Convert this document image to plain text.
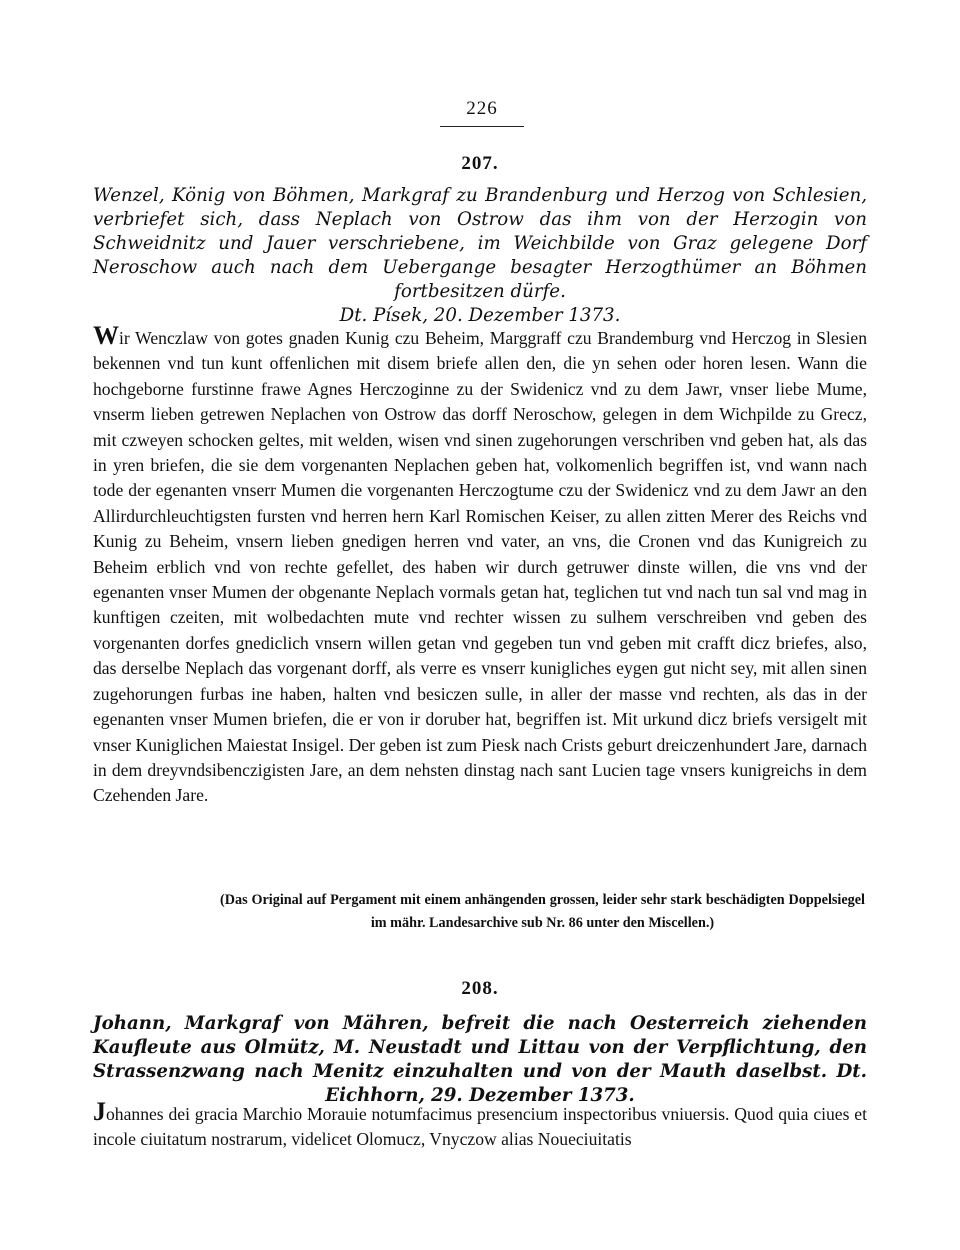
226
207.
Wenzel, König von Böhmen, Markgraf zu Brandenburg und Herzog von Schlesien, verbriefet sich, dass Neplach von Ostrow das ihm von der Herzogin von Schweidnitz und Jauer verschriebene, im Weichbilde von Graz gelegene Dorf Neroschow auch nach dem Uebergange besagter Herzogthümer an Böhmen fortbesitzen dürfe.
Dt. Písek, 20. Dezember 1373.
Wir Wenczlaw von gotes gnaden Kunig czu Beheim, Marggraff czu Brandemburg vnd Herczog in Slesien bekennen vnd tun kunt offenlichen mit disem briefe allen den, die yn sehen oder horen lesen. Wann die hochgeborne furstinne frawe Agnes Herczoginne zu der Swidenicz vnd zu dem Jawr, vnser liebe Mume, vnserm lieben getrewen Neplachen von Ostrow das dorff Neroschow, gelegen in dem Wichpilde zu Grecz, mit czweyen schocken geltes, mit welden, wisen vnd sinen zugehorungen verschriben vnd geben hat, als das in yren briefen, die sie dem vorgenanten Neplachen geben hat, volkomenlich begriffen ist, vnd wann nach tode der egenanten vnserr Mumen die vorgenanten Herczogtume czu der Swidenicz vnd zu dem Jawr an den Allirdurchleuchtigsten fursten vnd herren hern Karl Romischen Keiser, zu allen zitten Merer des Reichs vnd Kunig zu Beheim, vnsern lieben gnedigen herren vnd vater, an vns, die Cronen vnd das Kunigreich zu Beheim erblich vnd von rechte gefellet, des haben wir durch getruwer dinste willen, die vns vnd der egenanten vnser Mumen der obgenante Neplach vormals getan hat, teglichen tut vnd nach tun sal vnd mag in kunftigen czeiten, mit wolbedachten mute vnd rechter wissen zu sulhem verschreiben vnd geben des vorgenanten dorfes gnediclich vnsern willen getan vnd gegeben tun vnd geben mit crafft dicz briefes, also, das derselbe Neplach das vorgenant dorff, als verre es vnserr kunigliches eygen gut nicht sey, mit allen sinen zugehorungen furbas ine haben, halten vnd besiczen sulle, in aller der masse vnd rechten, als das in der egenanten vnser Mumen briefen, die er von ir doruber hat, begriffen ist. Mit urkund dicz briefs versigelt mit vnser Kuniglichen Maiestat Insigel. Der geben ist zum Piesk nach Crists geburt dreiczenhundert Jare, darnach in dem dreyvndsibenczigisten Jare, an dem nehsten dinstag nach sant Lucien tage vnsers kunigreichs in dem Czehenden Jare.
(Das Original auf Pergament mit einem anhängenden grossen, leider sehr stark beschädigten Doppelsiegel im mähr. Landesarchive sub Nr. 86 unter den Miscellen.)
208.
Johann, Markgraf von Mähren, befreit die nach Oesterreich ziehenden Kaufleute aus Olmütz, M. Neustadt und Littau von der Verpflichtung, den Strassenzwang nach Menitz einzuhalten und von der Mauth daselbst. Dt. Eichhorn, 29. Dezember 1373.
Johannes dei gracia Marchio Morauie notumfacimus presencium inspectoribus vniuersis. Quod quia ciues et incole ciuitatum nostrarum, videlicet Olomucz, Vnyczow alias Noueciuitatis
